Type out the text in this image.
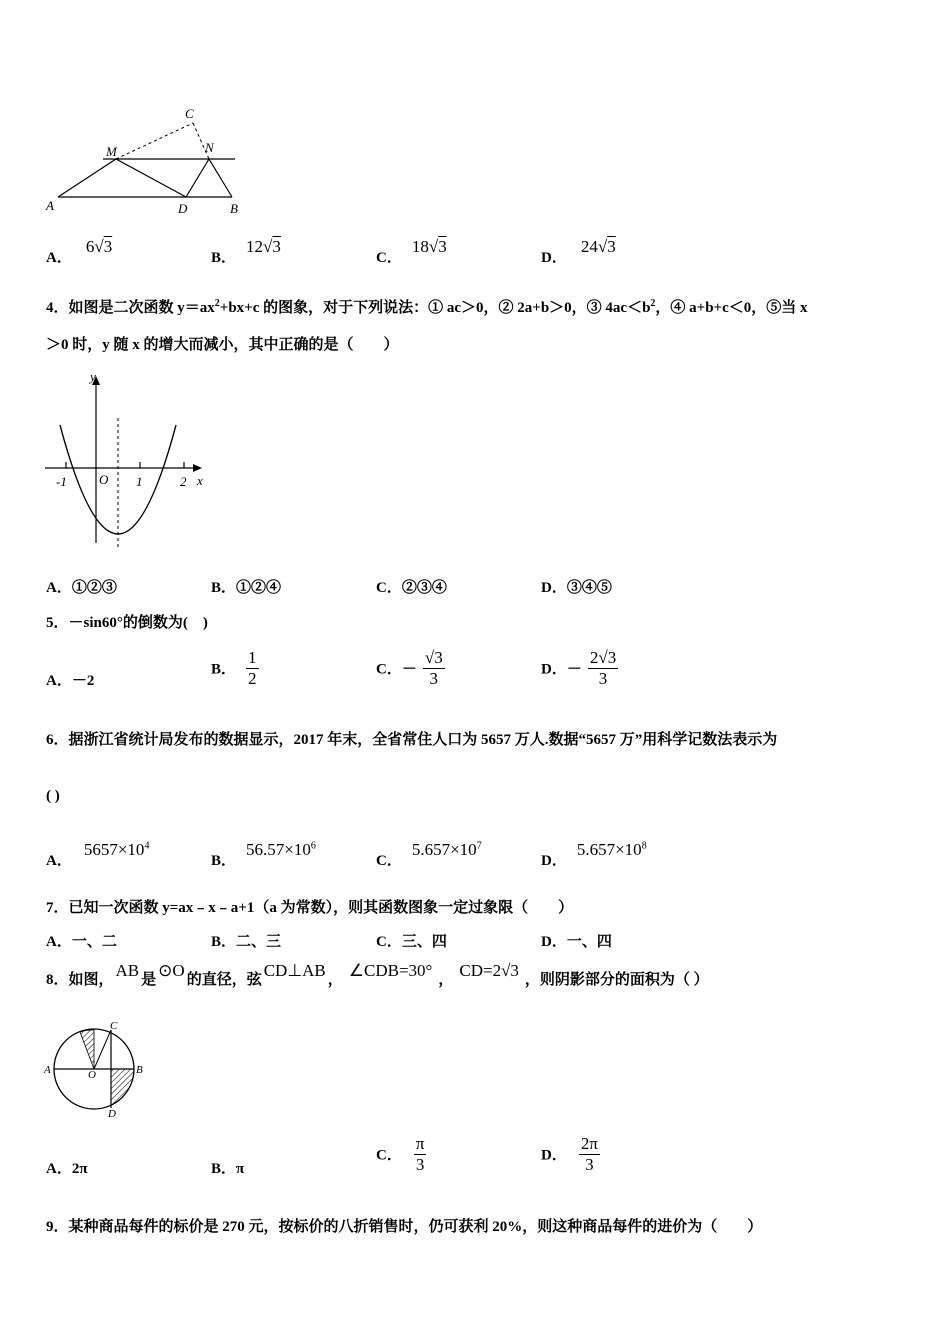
A
M
C
N
D	B
A．6√3
B．12√3
C．18√3
D．24√3
4．如图是二次函数 $y=ax^2+bx+c$ 的图象，对于下列说法：① ac＞0，② 2a+b＞0，③ $4ac<b^2$，④ a+b+c＜0，⑤当 x
＞0 时，y 随 x 的增大而减小，其中正确的是（　　）
y
x
O
-1	1	2
A．①②③	B．①②④	C．②③④	D．③④⑤
5．－sin60°的倒数为(　)
A．－2
B． $\frac{1}{2}$	C．－ $\frac{√3}{3}$	D．－ $\frac{2√3}{3}$
6．据浙江省统计局发布的数据显示，2017 年末，全省常住人口为 5657 万人.数据“5657 万”用科学记数法表示为
( )
A．$5657\times 10^4$
B．$56.57\times 10^6$
C．$5.657\times 10^7$
D．$5.657\times 10^8$
7．已知一次函数 y=ax﹣x﹣a+1（a 为常数），则其函数图象一定过象限（　　）
A．一、二	B．二、三	C．三、四	D．一、四
8．如图， AB 是 ⊙O 的直径，弦 CD⊥AB ， ∠CDB=30° ， CD=2√3 ，则阴影部分的面积为（ ）
A	B
C
D
O
A．2π	B．π
C． $\frac{\pi}{3}$	D． $\frac{2\pi}{3}$
9．某种商品每件的标价是 270 元，按标价的八折销售时，仍可获利 20%，则这种商品每件的进价为（　　）
